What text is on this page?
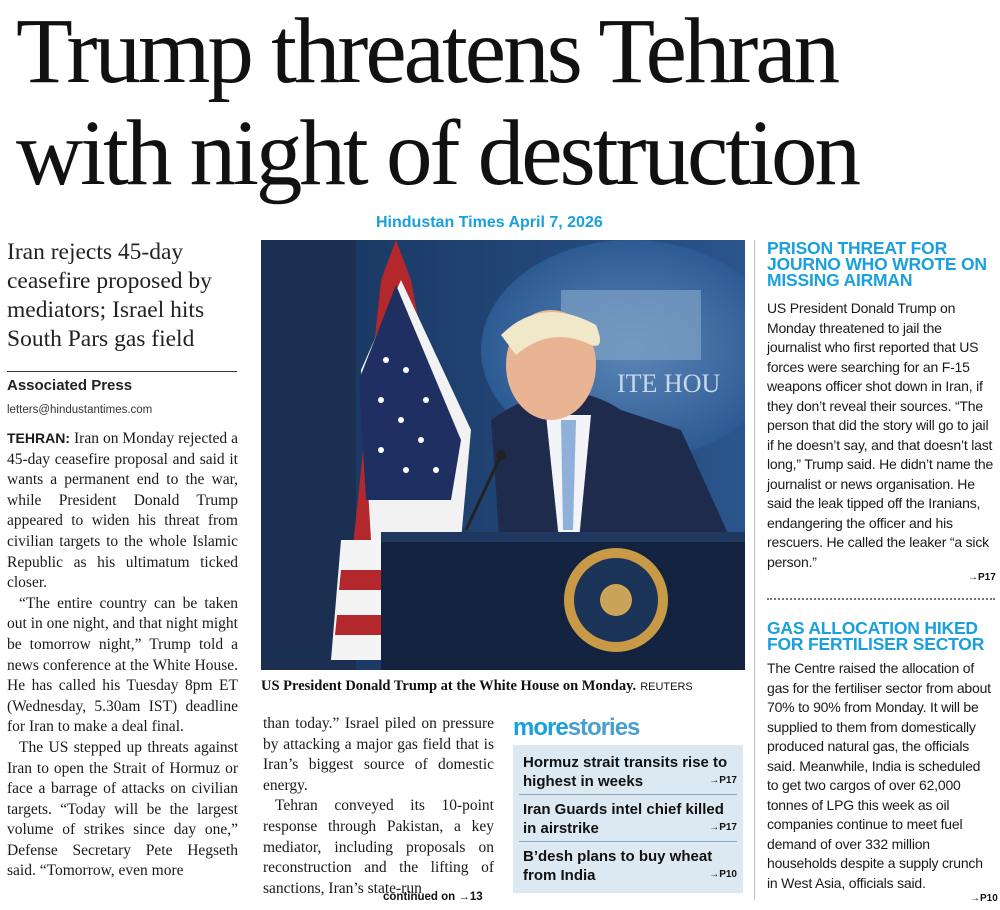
Trump threatens Tehran
with night of destruction
Hindustan Times April 7, 2026
Iran rejects 45-day ceasefire proposed by mediators; Israel hits South Pars gas field
Associated Press
letters@hindustantimes.com

TEHRAN: Iran on Monday rejected a 45-day ceasefire proposal and said it wants a permanent end to the war, while President Donald Trump appeared to widen his threat from civilian targets to the whole Islamic Republic as his ultimatum ticked closer.

“The entire country can be taken out in one night, and that night might be tomorrow night,” Trump told a news conference at the White House. He has called his Tuesday 8pm ET (Wednesday, 5.30am IST) deadline for Iran to make a deal final.

The US stepped up threats against Iran to open the Strait of Hormuz or face a barrage of attacks on civilian targets. “Today will be the largest volume of strikes since day one,” Defense Secretary Pete Hegseth said. “Tomorrow, even more

ITE HOU
US President Donald Trump at the White House on Monday. REUTERS

than today.” Israel piled on pressure by attacking a major gas field that is Iran’s biggest source of domestic energy.

Tehran conveyed its 10-point response through Pakistan, a key mediator, including proposals on reconstruction and the lifting of sanctions, Iran’s state-run

continued on →13
morestories
Hormuz strait transits rise to highest in weeks	→P17
Iran Guards intel chief killed in airstrike	→P17
B’desh plans to buy wheat from India	→P10
PRISON THREAT FOR JOURNO WHO WROTE ON MISSING AIRMAN
US President Donald Trump on Monday threatened to jail the journalist who first reported that US forces were searching for an F-15 weapons officer shot down in Iran, if they don’t reveal their sources. “The person that did the story will go to jail if he doesn’t say, and that doesn’t last long,” Trump said. He didn’t name the journalist or news organisation. He said the leak tipped off the Iranians, endangering the officer and his rescuers. He called the leaker “a sick person.”
→P17
GAS ALLOCATION HIKED FOR FERTILISER SECTOR
The Centre raised the allocation of gas for the fertiliser sector from about 70% to 90% from Monday. It will be supplied to them from domestically produced natural gas, the officials said. Meanwhile, India is scheduled to get two cargos of over 62,000 tonnes of LPG this week as oil companies continue to meet fuel demand of over 332 million households despite a supply crunch in West Asia, officials said.
→P10
